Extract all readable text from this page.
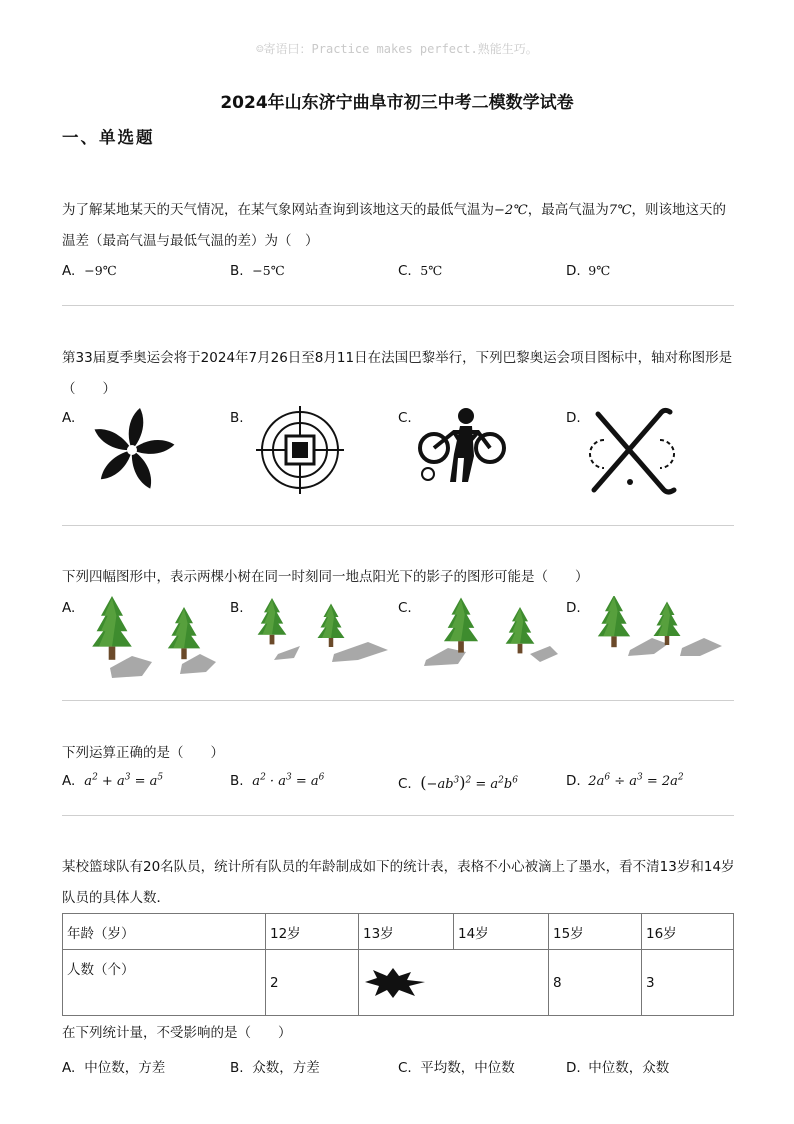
☺寄语曰：Practice makes perfect.熟能生巧。
2024年山东济宁曲阜市初三中考二模数学试卷
一、单选题
为了解某地某天的天气情况，在某气象网站查询到该地这天的最低气温为−2℃，最高气温为7℃，则该地这天的温差（最高气温与最低气温的差）为（　）
A. −9℃	B. −5℃	C. 5℃	D. 9℃
第33届夏季奥运会将于2024年7月26日至8月11日在法国巴黎举行，下列巴黎奥运会项目图标中，轴对称图形是（　　）
A.	B.	C.	D.
下列四幅图形中，表示两棵小树在同一时刻同一地点阳光下的影子的图形可能是（　　）
A.	B.	C.	D.
下列运算正确的是（　　）
A. $a^2 + a^3 = a^5$	B. $a^2 \cdot a^3 = a^6$	C. $(-ab^3)^2 = a^2b^6$	D. $2a^6 \div a^3 = 2a^2$
某校篮球队有20名队员，统计所有队员的年龄制成如下的统计表，表格不小心被滴上了墨水，看不清13岁和14岁队员的具体人数．
年龄（岁）	12岁	13岁	14岁	15岁	16岁
人数（个）	2			8	3
在下列统计量，不受影响的是（　　）
A. 中位数，方差	B. 众数，方差	C. 平均数，中位数	D. 中位数，众数
